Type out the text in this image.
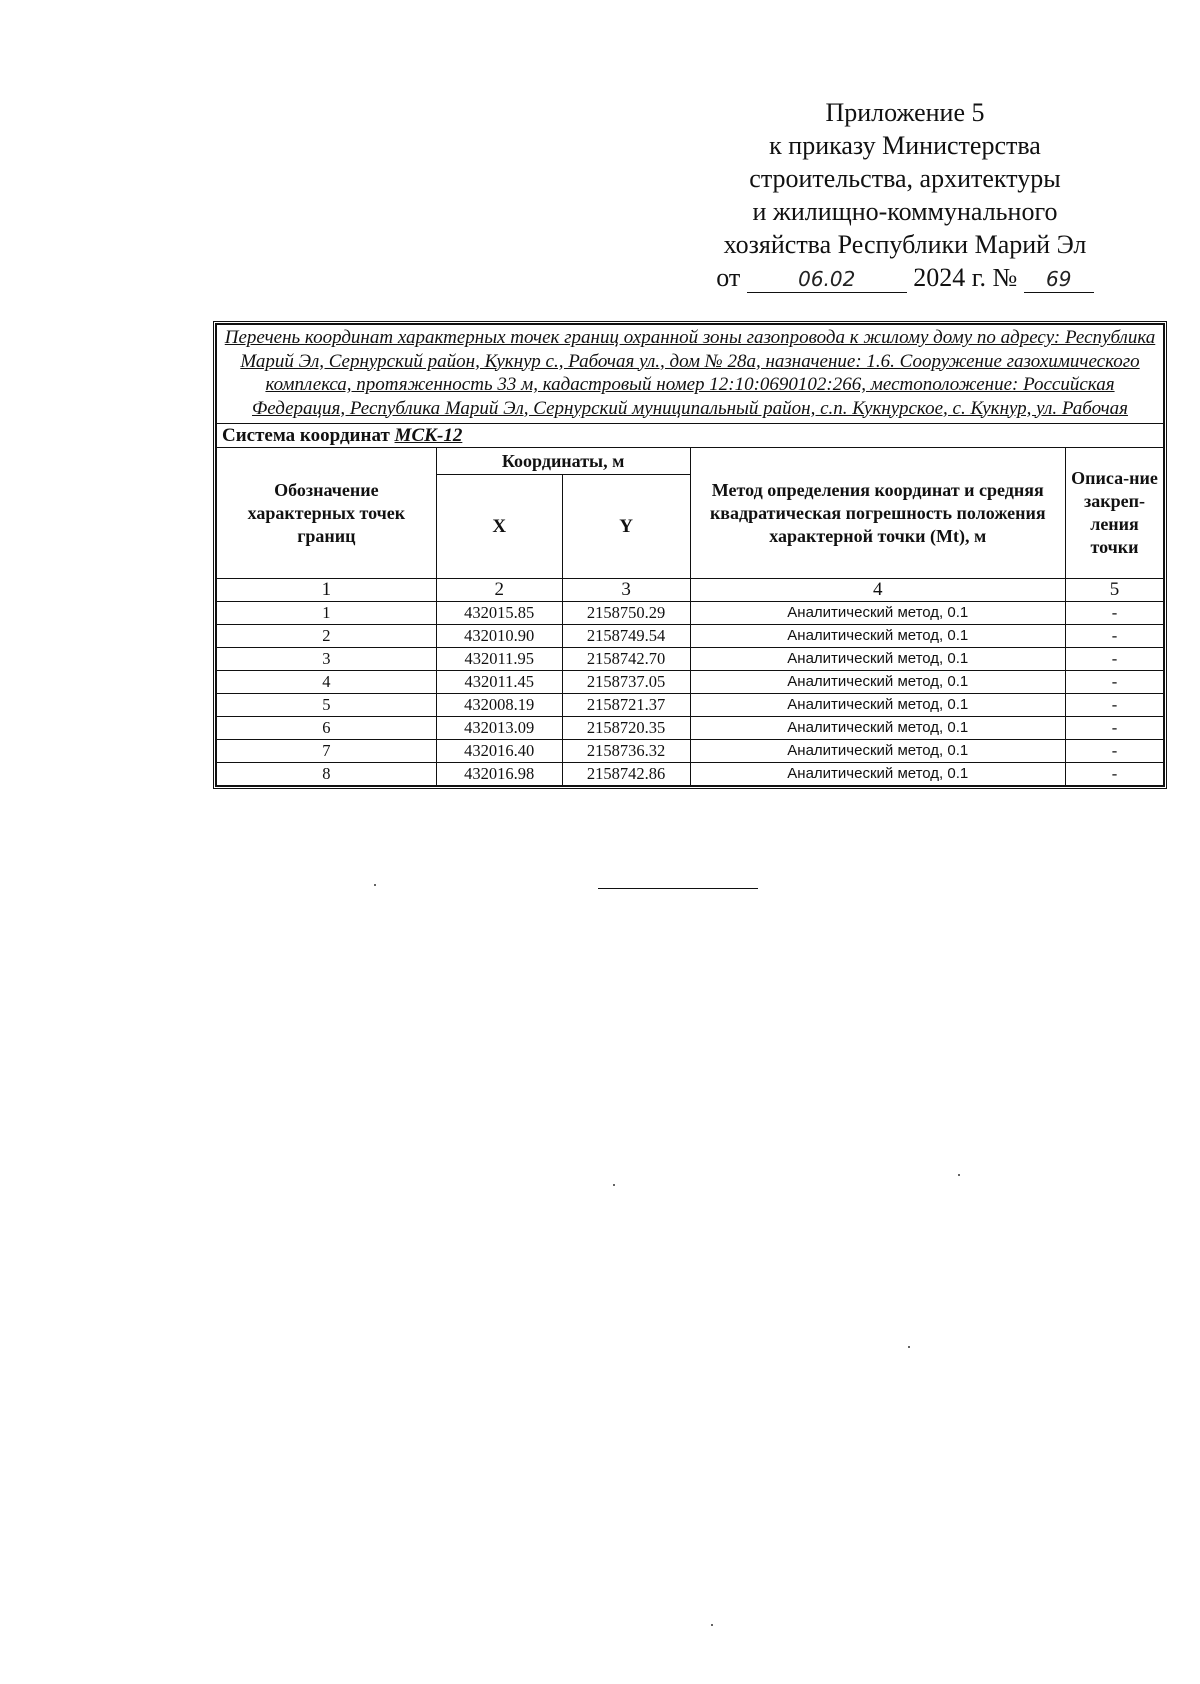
Приложение 5
к приказу Министерства
строительства, архитектуры
и жилищно-коммунального
хозяйства Республики Марий Эл
от	06.02 2024 г. № 69
Перечень координат характерных точек границ охранной зоны газопровода к жилому дому по адресу: Республика Марий Эл, Сернурский район, Кукнур с., Рабочая ул., дом № 28а, назначение: 1.6. Сооружение газохимического комплекса, протяженность 33 м, кадастровый номер 12:10:0690102:266, местоположение: Российская Федерация, Республика Марий Эл, Сернурский муниципальный район, с.п. Кукнурское, с. Кукнур, ул. Рабочая				
Система координат МСК-12				
Обозначение характерных точек границ	Координаты, м		Метод определения координат и средняя квадратическая погрешность положения характерной точки (Mt), м	Описа-ние закреп-ления точки
	X	Y		
1	2	3	4	5
1	432015.85	2158750.29	Аналитический метод, 0.1	-
2	432010.90	2158749.54	Аналитический метод, 0.1	-
3	432011.95	2158742.70	Аналитический метод, 0.1	-
4	432011.45	2158737.05	Аналитический метод, 0.1	-
5	432008.19	2158721.37	Аналитический метод, 0.1	-
6	432013.09	2158720.35	Аналитический метод, 0.1	-
7	432016.40	2158736.32	Аналитический метод, 0.1	-
8	432016.98	2158742.86	Аналитический метод, 0.1	-
